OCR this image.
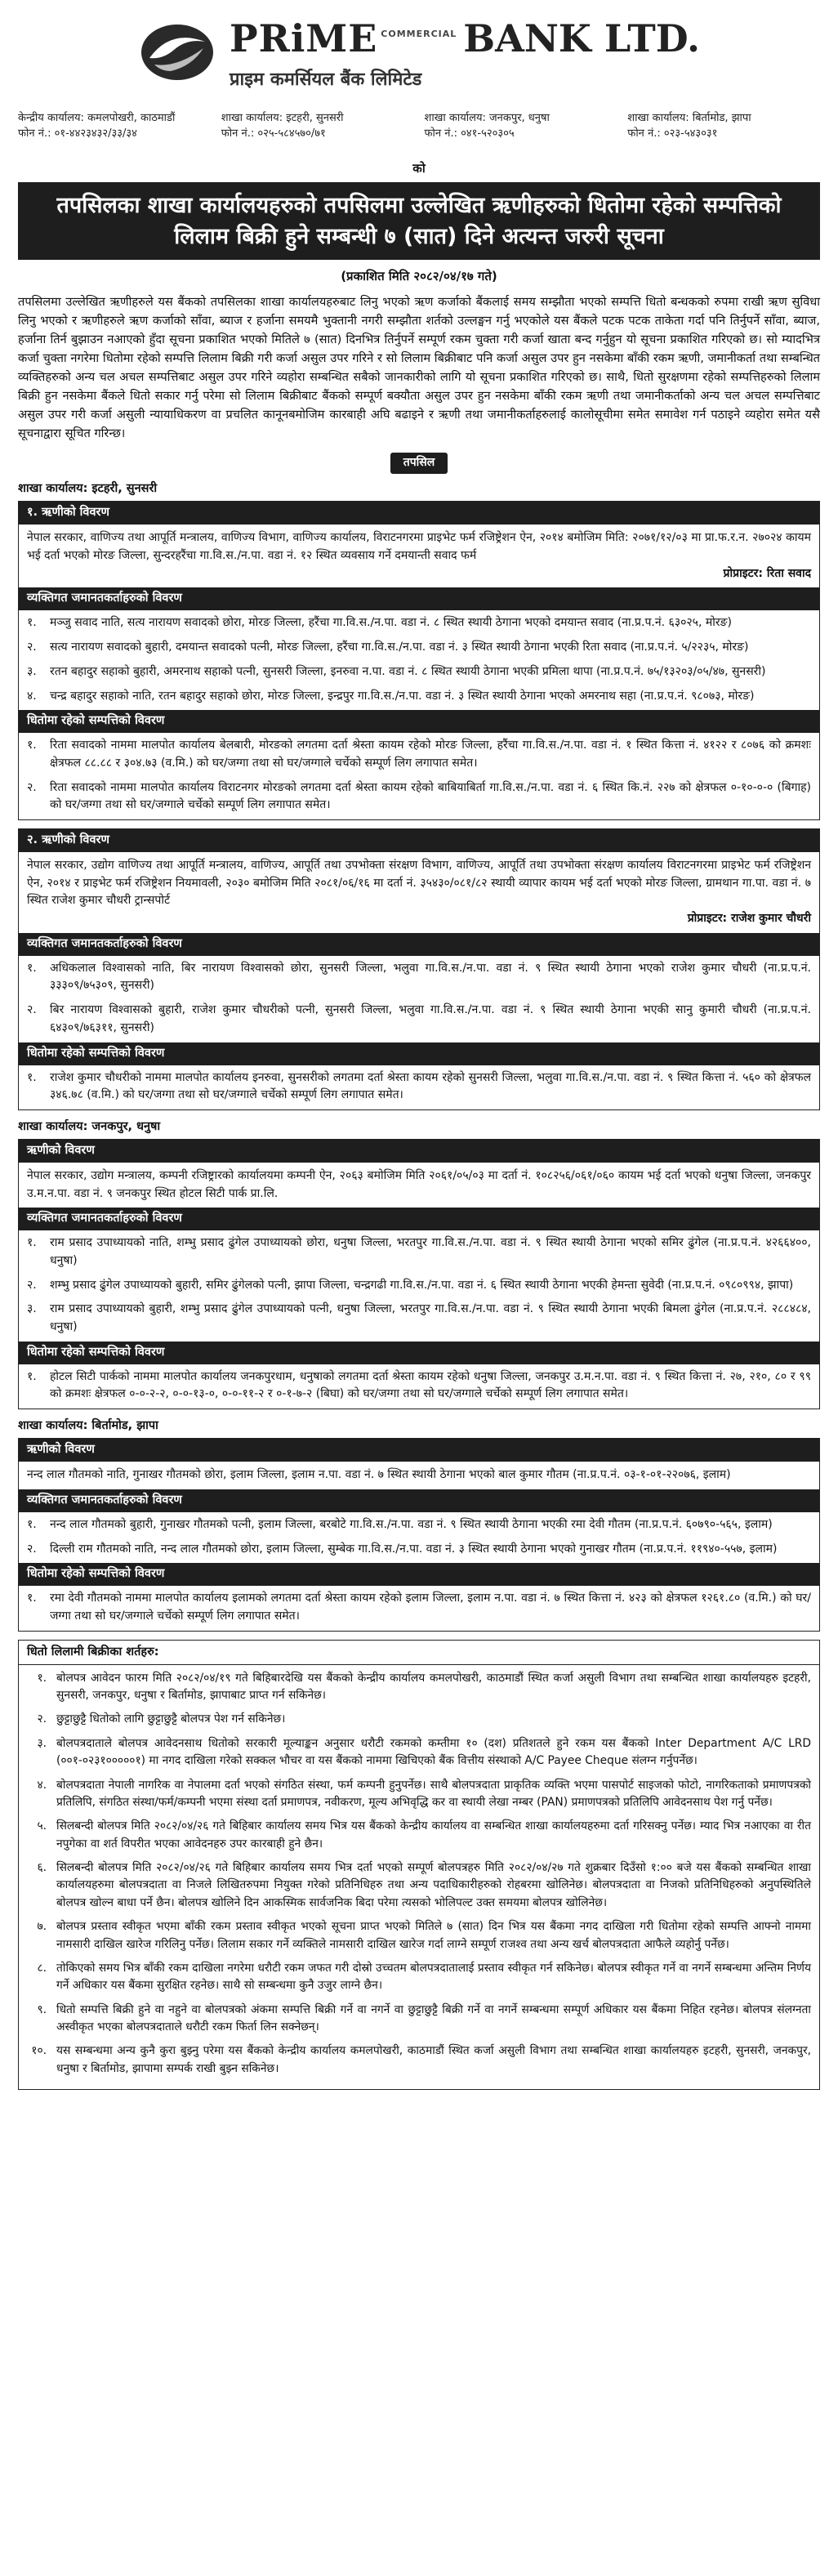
PRiME COMMERCIAL BANK LTD.
प्राइम कमर्सियल बैंक लिमिटेड
केन्द्रीय कार्यालय: कमलपोखरी, काठमाडौं
फोन नं.: ०१-४४२३४३२/३३/३४
शाखा कार्यालय: इटहरी, सुनसरी
फोन नं.: ०२५-५८४५७०/७१
शाखा कार्यालय: जनकपुर, धनुषा
फोन नं.: ०४१-५२०३०५
शाखा कार्यालय: बिर्तामोड, झापा
फोन नं.: ०२३-५४३०३१
को
तपसिलका शाखा कार्यालयहरुको तपसिलमा उल्लेखित ऋणीहरुको धितोमा रहेको सम्पत्तिको लिलाम बिक्री हुने सम्बन्धी ७ (सात) दिने अत्यन्त जरुरी सूचना
(प्रकाशित मिति २०८२/०४/१७ गते)

तपसिलमा उल्लेखित ऋणीहरुले यस बैंकको तपसिलका शाखा कार्यालयहरुबाट लिनु भएको ऋण कर्जाको बैंकलाई समय सम्झौता भएको सम्पत्ति धितो बन्धकको रुपमा राखी ऋण सुविधा लिनु भएको र ऋणीहरुले ऋण कर्जाको साँवा, ब्याज र हर्जाना समयमै भुक्तानी नगरी सम्झौता शर्तको उल्लङ्घन गर्नु भएकोले यस बैंकले पटक पटक ताकेता गर्दा पनि तिर्नुपर्ने साँवा, ब्याज, हर्जाना तिर्न बुझाउन नआएको हुँदा सूचना प्रकाशित भएको मितिले ७ (सात) दिनभित्र तिर्नुपर्ने सम्पूर्ण रकम चुक्ता गरी कर्जा खाता बन्द गर्नुहुन यो सूचना प्रकाशित गरिएको छ। सो म्यादभित्र कर्जा चुक्ता नगरेमा धितोमा रहेको सम्पत्ति लिलाम बिक्री गरी कर्जा असुल उपर गरिने र सो लिलाम बिक्रीबाट पनि कर्जा असुल उपर हुन नसकेमा बाँकी रकम ऋणी, जमानीकर्ता तथा सम्बन्धित व्यक्तिहरुको अन्य चल अचल सम्पत्तिबाट असुल उपर गरिने व्यहोरा सम्बन्धित सबैको जानकारीको लागि यो सूचना प्रकाशित गरिएको छ। साथै, धितो सुरक्षणमा रहेको सम्पत्तिहरुको लिलाम बिक्री हुन नसकेमा बैंकले धितो सकार गर्नु परेमा सो लिलाम बिक्रीबाट बैंकको सम्पूर्ण बक्यौता असुल उपर हुन नसकेमा बाँकी रकम ऋणी तथा जमानीकर्ताको अन्य चल अचल सम्पत्तिबाट असुल उपर गरी कर्जा असुली न्यायाधिकरण वा प्रचलित कानूनबमोजिम कारबाही अघि बढाइने र ऋणी तथा जमानीकर्ताहरुलाई कालोसूचीमा समेत समावेश गर्न पठाइने व्यहोरा समेत यसै सूचनाद्वारा सूचित गरिन्छ।

तपसिल
शाखा कार्यालय: इटहरी, सुनसरी
१. ऋणीको विवरण
नेपाल सरकार, वाणिज्य तथा आपूर्ति मन्त्रालय, वाणिज्य विभाग, वाणिज्य कार्यालय, विराटनगरमा प्राइभेट फर्म रजिष्ट्रेशन ऐन, २०१४ बमोजिम मिति: २०७१/१२/०३ मा प्रा.फ.र.न. २७०२४ कायम भई दर्ता भएको मोरङ जिल्ला, सुन्दरहरैंचा गा.वि.स./न.पा. वडा नं. १२ स्थित व्यवसाय गर्ने दमयान्ती सवाद फर्म
प्रोप्राइटर: रिता सवाद
व्यक्तिगत जमानतकर्ताहरुको विवरण
१.	मञ्जु सवाद नाति, सत्य नारायण सवादको छोरा, मोरङ जिल्ला, हरैंचा गा.वि.स./न.पा. वडा नं. ८ स्थित स्थायी ठेगाना भएको दमयान्त सवाद (ना.प्र.प.नं. ६३०२५, मोरङ)
२.	सत्य नारायण सवादको बुहारी, दमयान्त सवादको पत्नी, मोरङ जिल्ला, हरैंचा गा.वि.स./न.पा. वडा नं. ३ स्थित स्थायी ठेगाना भएकी रिता सवाद (ना.प्र.प.नं. ५/२२३५, मोरङ)
३.	रतन बहादुर सहाको बुहारी, अमरनाथ सहाको पत्नी, सुनसरी जिल्ला, इनरुवा न.पा. वडा नं. ८ स्थित स्थायी ठेगाना भएकी प्रमिला थापा (ना.प्र.प.नं. ७५/१३२०३/०५/४७, सुनसरी)
४.	चन्द्र बहादुर सहाको नाति, रतन बहादुर सहाको छोरा, मोरङ जिल्ला, इन्द्रपुर गा.वि.स./न.पा. वडा नं. ३ स्थित स्थायी ठेगाना भएको अमरनाथ सहा (ना.प्र.प.नं. ९८०७३, मोरङ)
धितोमा रहेको सम्पत्तिको विवरण
१.	रिता सवादको नाममा मालपोत कार्यालय बेलबारी, मोरङको लगतमा दर्ता श्रेस्ता कायम रहेको मोरङ जिल्ला, हरैंचा गा.वि.स./न.पा. वडा नं. १ स्थित कित्ता नं. ४१२२ र ८०७६ को क्रमशः क्षेत्रफल ८८.८८ र ३०४.७३ (व.मि.) को घर/जग्गा तथा सो घर/जग्गाले चर्चेको सम्पूर्ण लिग लगापात समेत।
२.	रिता सवादको नाममा मालपोत कार्यालय विराटनगर मोरङको लगतमा दर्ता श्रेस्ता कायम रहेको बाबियाबिर्ता गा.वि.स./न.पा. वडा नं. ६ स्थित कि.नं. २२७ को क्षेत्रफल ०-१०-०-० (बिगाह) को घर/जग्गा तथा सो घर/जग्गाले चर्चेको सम्पूर्ण लिग लगापात समेत।
२. ऋणीको विवरण
नेपाल सरकार, उद्योग वाणिज्य तथा आपूर्ति मन्त्रालय, वाणिज्य, आपूर्ति तथा उपभोक्ता संरक्षण विभाग, वाणिज्य, आपूर्ति तथा उपभोक्ता संरक्षण कार्यालय विराटनगरमा प्राइभेट फर्म रजिष्ट्रेशन ऐन, २०१४ र प्राइभेट फर्म रजिष्ट्रेशन नियमावली, २०३० बमोजिम मिति २०८१/०६/१६ मा दर्ता नं. ३५४३०/०८१/८२ स्थायी व्यापार कायम भई दर्ता भएको मोरङ जिल्ला, ग्रामथान गा.पा. वडा नं. ७ स्थित राजेश कुमार चौधरी ट्रान्सपोर्ट
प्रोप्राइटर: राजेश कुमार चौधरी
व्यक्तिगत जमानतकर्ताहरुको विवरण
१.	अधिकलाल विश्वासको नाति, बिर नारायण विश्वासको छोरा, सुनसरी जिल्ला, भलुवा गा.वि.स./न.पा. वडा नं. ९ स्थित स्थायी ठेगाना भएको राजेश कुमार चौधरी (ना.प्र.प.नं. ३३३०९/७५३०९, सुनसरी)
२.	बिर नारायण विश्वासको बुहारी, राजेश कुमार चौधरीको पत्नी, सुनसरी जिल्ला, भलुवा गा.वि.स./न.पा. वडा नं. ९ स्थित स्थायी ठेगाना भएकी सानु कुमारी चौधरी (ना.प्र.प.नं. ६४३०९/७६३११, सुनसरी)
धितोमा रहेको सम्पत्तिको विवरण
१.	राजेश कुमार चौधरीको नाममा मालपोत कार्यालय इनरुवा, सुनसरीको लगतमा दर्ता श्रेस्ता कायम रहेको सुनसरी जिल्ला, भलुवा गा.वि.स./न.पा. वडा नं. ९ स्थित कित्ता नं. ५६० को क्षेत्रफल ३४६.७८ (व.मि.) को घर/जग्गा तथा सो घर/जग्गाले चर्चेको सम्पूर्ण लिग लगापात समेत।
शाखा कार्यालय: जनकपुर, धनुषा
ऋणीको विवरण
नेपाल सरकार, उद्योग मन्त्रालय, कम्पनी रजिष्ट्रारको कार्यालयमा कम्पनी ऐन, २०६३ बमोजिम मिति २०६१/०५/०३ मा दर्ता नं. १०८२५६/०६१/०६० कायम भई दर्ता भएको धनुषा जिल्ला, जनकपुर उ.म.न.पा. वडा नं. ९ जनकपुर स्थित होटल सिटी पार्क प्रा.लि.
व्यक्तिगत जमानतकर्ताहरुको विवरण
१.	राम प्रसाद उपाध्यायको नाति, शम्भु प्रसाद ढुंगेल उपाध्यायको छोरा, धनुषा जिल्ला, भरतपुर गा.वि.स./न.पा. वडा नं. ९ स्थित स्थायी ठेगाना भएको समिर ढुंगेल (ना.प्र.प.नं. ४२६६४००, धनुषा)
२.	शम्भु प्रसाद ढुंगेल उपाध्यायको बुहारी, समिर ढुंगेलको पत्नी, झापा जिल्ला, चन्द्रगढी गा.वि.स./न.पा. वडा नं. ६ स्थित स्थायी ठेगाना भएकी हेमन्ता सुवेदी (ना.प्र.प.नं. ०९८०९९४, झापा)
३.	राम प्रसाद उपाध्यायको बुहारी, शम्भु प्रसाद ढुंगेल उपाध्यायको पत्नी, धनुषा जिल्ला, भरतपुर गा.वि.स./न.पा. वडा नं. ९ स्थित स्थायी ठेगाना भएकी बिमला ढुंगेल (ना.प्र.प.नं. २८८४८४, धनुषा)
धितोमा रहेको सम्पत्तिको विवरण
१.	होटल सिटी पार्कको नाममा मालपोत कार्यालय जनकपुरधाम, धनुषाको लगतमा दर्ता श्रेस्ता कायम रहेको धनुषा जिल्ला, जनकपुर उ.म.न.पा. वडा नं. ९ स्थित कित्ता नं. २७, २१०, ८० र ९९ को क्रमशः क्षेत्रफल ०-०-२-२, ०-०-१३-०, ०-०-११-२ र ०-१-७-२ (बिघा) को घर/जग्गा तथा सो घर/जग्गाले चर्चेको सम्पूर्ण लिग लगापात समेत।
शाखा कार्यालय: बिर्तामोड, झापा
ऋणीको विवरण
नन्द लाल गौतमको नाति, गुनाखर गौतमको छोरा, इलाम जिल्ला, इलाम न.पा. वडा नं. ७ स्थित स्थायी ठेगाना भएको बाल कुमार गौतम (ना.प्र.प.नं. ०३-१-०१-२२०७६, इलाम)
व्यक्तिगत जमानतकर्ताहरुको विवरण
१.	नन्द लाल गौतमको बुहारी, गुनाखर गौतमको पत्नी, इलाम जिल्ला, बरबोटे गा.वि.स./न.पा. वडा नं. ९ स्थित स्थायी ठेगाना भएकी रमा देवी गौतम (ना.प्र.प.नं. ६०७९०-५६५, इलाम)
२.	दिल्ली राम गौतमको नाति, नन्द लाल गौतमको छोरा, इलाम जिल्ला, सुम्बेक गा.वि.स./न.पा. वडा नं. ३ स्थित स्थायी ठेगाना भएको गुनाखर गौतम (ना.प्र.प.नं. ११९४०-५५७, इलाम)
धितोमा रहेको सम्पत्तिको विवरण
१.	रमा देवी गौतमको नाममा मालपोत कार्यालय इलामको लगतमा दर्ता श्रेस्ता कायम रहेको इलाम जिल्ला, इलाम न.पा. वडा नं. ७ स्थित कित्ता नं. ४२३ को क्षेत्रफल १२६१.८० (व.मि.) को घर/जग्गा तथा सो घर/जग्गाले चर्चेको सम्पूर्ण लिग लगापात समेत।
धितो लिलामी बिक्रीका शर्तहरु:
१. बोलपत्र आवेदन फारम मिति २०८२/०४/१९ गते बिहिबारदेखि यस बैंकको केन्द्रीय कार्यालय कमलपोखरी, काठमाडौं स्थित कर्जा असुली विभाग तथा सम्बन्धित शाखा कार्यालयहरु इटहरी, सुनसरी, जनकपुर, धनुषा र बिर्तामोड, झापाबाट प्राप्त गर्न सकिनेछ।
२. छुट्टाछुट्टै धितोको लागि छुट्टाछुट्टै बोलपत्र पेश गर्न सकिनेछ।
३. बोलपत्रदाताले बोलपत्र आवेदनसाथ धितोको सरकारी मूल्याङ्कन अनुसार धरौटी रकमको कम्तीमा १० (दश) प्रतिशतले हुने रकम यस बैंकको Inter Department A/C LRD (००१-०२३१०००००१) मा नगद दाखिला गरेको सक्कल भौचर वा यस बैंकको नाममा खिचिएको बैंक वित्तीय संस्थाको A/C Payee Cheque संलग्न गर्नुपर्नेछ।
४. बोलपत्रदाता नेपाली नागरिक वा नेपालमा दर्ता भएको संगठित संस्था, फर्म कम्पनी हुनुपर्नेछ। साथै बोलपत्रदाता प्राकृतिक व्यक्ति भएमा पासपोर्ट साइजको फोटो, नागरिकताको प्रमाणपत्रको प्रतिलिपि, संगठित संस्था/फर्म/कम्पनी भएमा संस्था दर्ता प्रमाणपत्र, नवीकरण, मूल्य अभिवृद्धि कर वा स्थायी लेखा नम्बर (PAN) प्रमाणपत्रको प्रतिलिपि आवेदनसाथ पेश गर्नु पर्नेछ।
५. सिलबन्दी बोलपत्र मिति २०८२/०४/२६ गते बिहिबार कार्यालय समय भित्र यस बैंकको केन्द्रीय कार्यालय वा सम्बन्धित शाखा कार्यालयहरुमा दर्ता गरिसक्नु पर्नेछ। म्याद भित्र नआएका वा रीत नपुगेका वा शर्त विपरीत भएका आवेदनहरु उपर कारबाही हुने छैन।
६. सिलबन्दी बोलपत्र मिति २०८२/०४/२६ गते बिहिबार कार्यालय समय भित्र दर्ता भएको सम्पूर्ण बोलपत्रहरु मिति २०८२/०४/२७ गते शुक्रबार दिउँसो १:०० बजे यस बैंकको सम्बन्धित शाखा कार्यालयहरुमा बोलपत्रदाता वा निजले लिखितरुपमा नियुक्त गरेको प्रतिनिधिहरु तथा अन्य पदाधिकारीहरुको रोहबरमा खोलिनेछ। बोलपत्रदाता वा निजको प्रतिनिधिहरुको अनुपस्थितिले बोलपत्र खोल्न बाधा पर्ने छैन। बोलपत्र खोलिने दिन आकस्मिक सार्वजनिक बिदा परेमा त्यसको भोलिपल्ट उक्त समयमा बोलपत्र खोलिनेछ।
७. बोलपत्र प्रस्ताव स्वीकृत भएमा बाँकी रकम प्रस्ताव स्वीकृत भएको सूचना प्राप्त भएको मितिले ७ (सात) दिन भित्र यस बैंकमा नगद दाखिला गरी धितोमा रहेको सम्पत्ति आफ्नो नाममा नामसारी दाखिल खारेज गरिलिनु पर्नेछ। लिलाम सकार गर्ने व्यक्तिले नामसारी दाखिल खारेज गर्दा लाग्ने सम्पूर्ण राजश्व तथा अन्य खर्च बोलपत्रदाता आफैले व्यहोर्नु पर्नेछ।
८. तोकिएको समय भित्र बाँकी रकम दाखिला नगरेमा धरौटी रकम जफत गरी दोस्रो उच्चतम बोलपत्रदातालाई प्रस्ताव स्वीकृत गर्न सकिनेछ। बोलपत्र स्वीकृत गर्ने वा नगर्ने सम्बन्धमा अन्तिम निर्णय गर्ने अधिकार यस बैंकमा सुरक्षित रहनेछ। साथै सो सम्बन्धमा कुनै उजुर लाग्ने छैन।
९. धितो सम्पत्ति बिक्री हुने वा नहुने वा बोलपत्रको अंकमा सम्पत्ति बिक्री गर्ने वा नगर्ने वा छुट्टाछुट्टै बिक्री गर्ने वा नगर्ने सम्बन्धमा सम्पूर्ण अधिकार यस बैंकमा निहित रहनेछ। बोलपत्र संलग्नता अस्वीकृत भएका बोलपत्रदाताले धरौटी रकम फिर्ता लिन सक्नेछन्।
१०. यस सम्बन्धमा अन्य कुनै कुरा बुझ्नु परेमा यस बैंकको केन्द्रीय कार्यालय कमलपोखरी, काठमाडौं स्थित कर्जा असुली विभाग तथा सम्बन्धित शाखा कार्यालयहरु इटहरी, सुनसरी, जनकपुर, धनुषा र बिर्तामोड, झापामा सम्पर्क राखी बुझ्न सकिनेछ।
